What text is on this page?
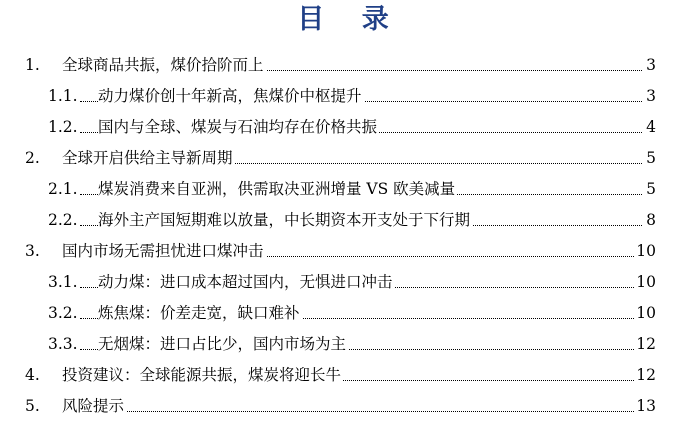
目 录
1. 全球商品共振，煤价拾阶而上	3
1.1. 动力煤价创十年新高，焦煤价中枢提升	3
1.2. 国内与全球、煤炭与石油均存在价格共振	4
2. 全球开启供给主导新周期	5
2.1. 煤炭消费来自亚洲，供需取决亚洲增量 VS 欧美减量	5
2.2. 海外主产国短期难以放量，中长期资本开支处于下行期	8
3. 国内市场无需担忧进口煤冲击	10
3.1. 动力煤：进口成本超过国内，无惧进口冲击	10
3.2. 炼焦煤：价差走宽，缺口难补	10
3.3. 无烟煤：进口占比少，国内市场为主	12
4. 投资建议：全球能源共振，煤炭将迎长牛	12
5. 风险提示	13
